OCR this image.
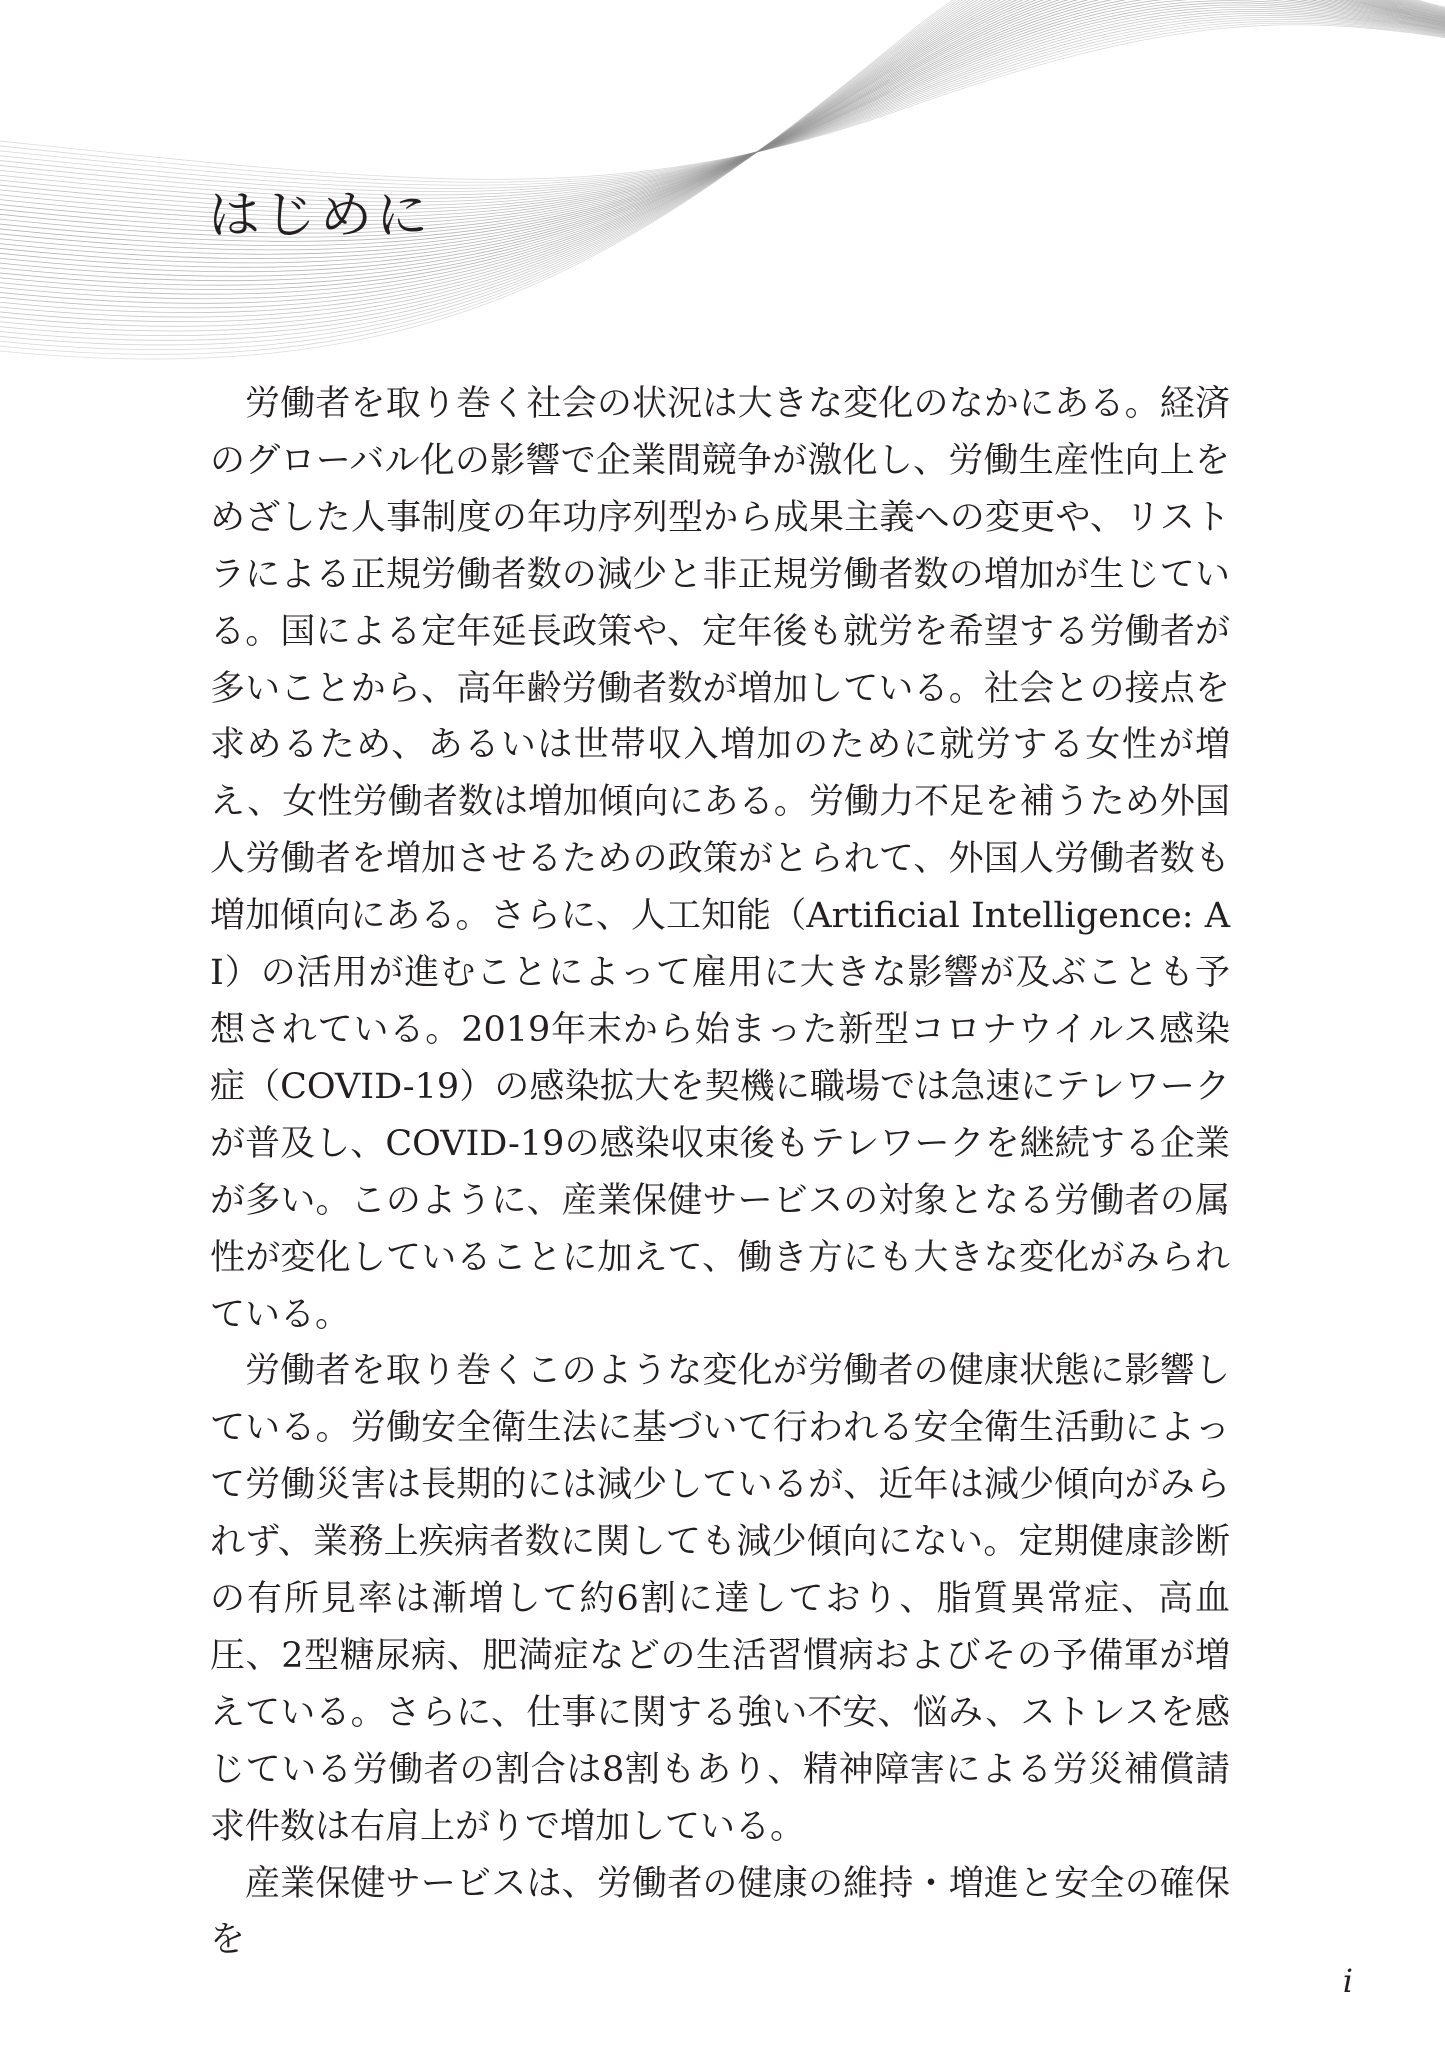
はじめに

労働者を取り巻く社会の状況は大きな変化のなかにある。経済のグローバル化の影響で企業間競争が激化し、労働生産性向上をめざした人事制度の年功序列型から成果主義への変更や、リストラによる正規労働者数の減少と非正規労働者数の増加が生じている。国による定年延長政策や、定年後も就労を希望する労働者が多いことから、高年齢労働者数が増加している。社会との接点を求めるため、あるいは世帯収入増加のために就労する女性が増え、女性労働者数は増加傾向にある。労働力不足を補うため外国人労働者を増加させるための政策がとられて、外国人労働者数も増加傾向にある。さらに、人工知能（Artificial Intelligence: AI）の活用が進むことによって雇用に大きな影響が及ぶことも予想されている。2019年末から始まった新型コロナウイルス感染症（COVID-19）の感染拡大を契機に職場では急速にテレワークが普及し、COVID-19の感染収束後もテレワークを継続する企業が多い。このように、産業保健サービスの対象となる労働者の属性が変化していることに加えて、働き方にも大きな変化がみられている。

労働者を取り巻くこのような変化が労働者の健康状態に影響している。労働安全衛生法に基づいて行われる安全衛生活動によって労働災害は長期的には減少しているが、近年は減少傾向がみられず、業務上疾病者数に関しても減少傾向にない。定期健康診断の有所見率は漸増して約6割に達しており、脂質異常症、高血圧、2型糖尿病、肥満症などの生活習慣病およびその予備軍が増えている。さらに、仕事に関する強い不安、悩み、ストレスを感じている労働者の割合は8割もあり、精神障害による労災補償請求件数は右肩上がりで増加している。

産業保健サービスは、労働者の健康の維持・増進と安全の確保を

i
